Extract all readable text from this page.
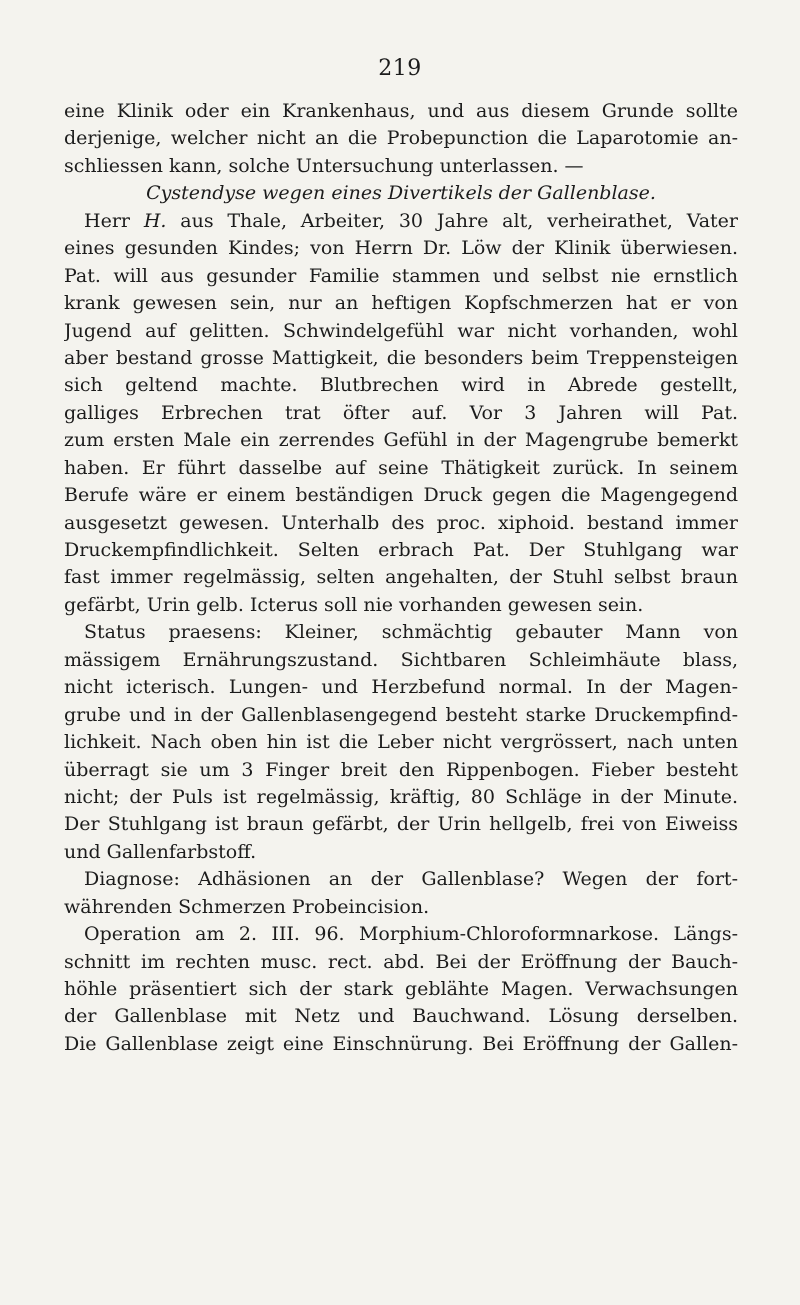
219
eine Klinik oder ein Krankenhaus, und aus diesem Grunde sollte
derjenige, welcher nicht an die Probepunction die Laparotomie an-
schliessen kann, solche Untersuchung unterlassen. —
Cystendyse wegen eines Divertikels der Gallenblase.
Herr H. aus Thale, Arbeiter, 30 Jahre alt, verheirathet, Vater
eines gesunden Kindes; von Herrn Dr. Löw der Klinik überwiesen.
Pat. will aus gesunder Familie stammen und selbst nie ernstlich
krank gewesen sein, nur an heftigen Kopfschmerzen hat er von
Jugend auf gelitten. Schwindelgefühl war nicht vorhanden, wohl
aber bestand grosse Mattigkeit, die besonders beim Treppensteigen
sich geltend machte. Blutbrechen wird in Abrede gestellt,
galliges Erbrechen trat öfter auf. Vor 3 Jahren will Pat.
zum ersten Male ein zerrendes Gefühl in der Magengrube bemerkt
haben. Er führt dasselbe auf seine Thätigkeit zurück. In seinem
Berufe wäre er einem beständigen Druck gegen die Magengegend
ausgesetzt gewesen. Unterhalb des proc. xiphoid. bestand immer
Druckempfindlichkeit. Selten erbrach Pat. Der Stuhlgang war
fast immer regelmässig, selten angehalten, der Stuhl selbst braun
gefärbt, Urin gelb. Icterus soll nie vorhanden gewesen sein.
Status praesens: Kleiner, schmächtig gebauter Mann von
mässigem Ernährungszustand. Sichtbaren Schleimhäute blass,
nicht icterisch. Lungen- und Herzbefund normal. In der Magen-
grube und in der Gallenblasengegend besteht starke Druckempfind-
lichkeit. Nach oben hin ist die Leber nicht vergrössert, nach unten
überragt sie um 3 Finger breit den Rippenbogen. Fieber besteht
nicht; der Puls ist regelmässig, kräftig, 80 Schläge in der Minute.
Der Stuhlgang ist braun gefärbt, der Urin hellgelb, frei von Eiweiss
und Gallenfarbstoff.
Diagnose: Adhäsionen an der Gallenblase? Wegen der fort-
währenden Schmerzen Probeincision.
Operation am 2. III. 96. Morphium-Chloroformnarkose. Längs-
schnitt im rechten musc. rect. abd. Bei der Eröffnung der Bauch-
höhle präsentiert sich der stark geblähte Magen. Verwachsungen
der Gallenblase mit Netz und Bauchwand. Lösung derselben.
Die Gallenblase zeigt eine Einschnürung. Bei Eröffnung der Gallen-
